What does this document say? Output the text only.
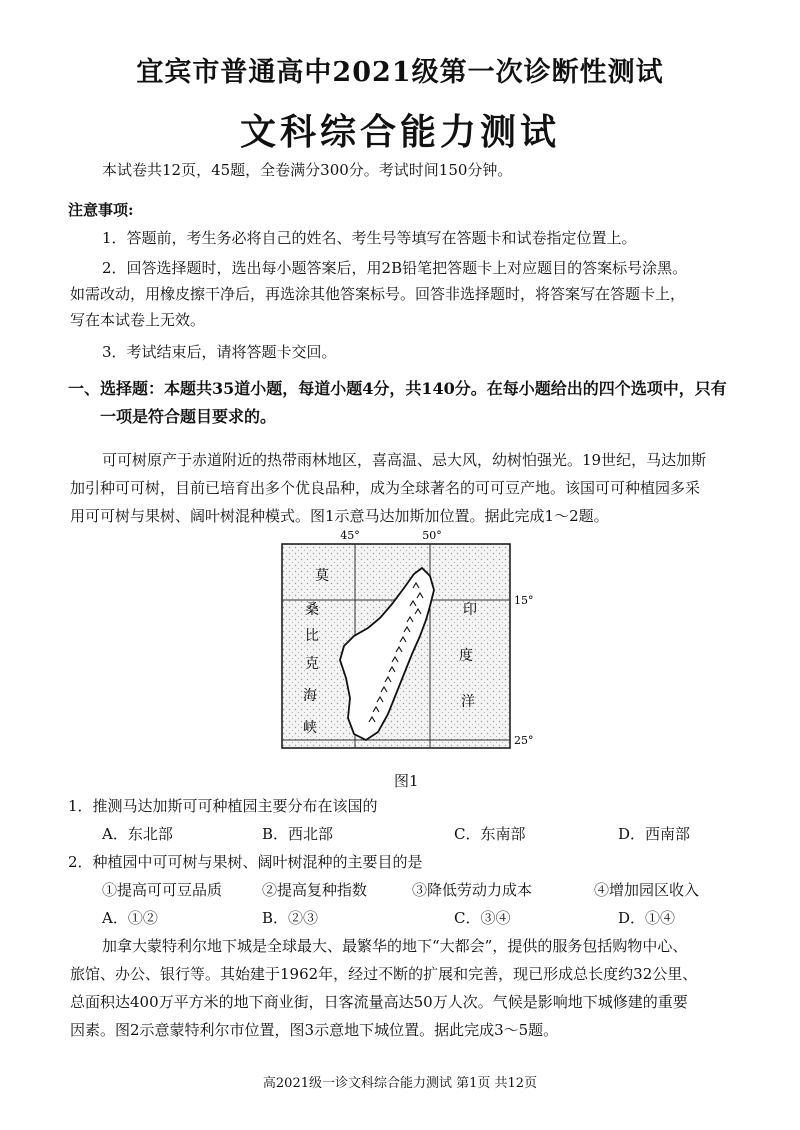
宜宾市普通高中2021级第一次诊断性测试
文科综合能力测试
本试卷共12页，45题，全卷满分300分。考试时间150分钟。
注意事项:
1．答题前，考生务必将自己的姓名、考生号等填写在答题卡和试卷指定位置上。
2．回答选择题时，选出每小题答案后，用2B铅笔把答题卡上对应题目的答案标号涂黑。
如需改动，用橡皮擦干净后，再选涂其他答案标号。回答非选择题时，将答案写在答题卡上，
写在本试卷上无效。
3．考试结束后，请将答题卡交回。
一、选择题：本题共35道小题，每道小题4分，共140分。在每小题给出的四个选项中，只有
一项是符合题目要求的。
可可树原产于赤道附近的热带雨林地区，喜高温、忌大风，幼树怕强光。19世纪，马达加斯
加引种可可树，目前已培育出多个优良品种，成为全球著名的可可豆产地。该国可可种植园多采
用可可树与果树、阔叶树混种模式。图1示意马达加斯加位置。据此完成1～2题。
45°	50°
15°
25°
莫
桑
比
克
海
峡
印
度
洋
图1
1．推测马达加斯可可种植园主要分布在该国的
A．东北部	B．西北部	C．东南部	D．西南部
2．种植园中可可树与果树、阔叶树混种的主要目的是
①提高可可豆品质	②提高复种指数	③降低劳动力成本	④增加园区收入
A．①②	B．②③	C．③④	D．①④
加拿大蒙特利尔地下城是全球最大、最繁华的地下“大都会”，提供的服务包括购物中心、
旅馆、办公、银行等。其始建于1962年，经过不断的扩展和完善，现已形成总长度约32公里、
总面积达400万平方米的地下商业街，日客流量高达50万人次。气候是影响地下城修建的重要
因素。图2示意蒙特利尔市位置，图3示意地下城位置。据此完成3～5题。
高2021级一诊文科综合能力测试 第1页 共12页
